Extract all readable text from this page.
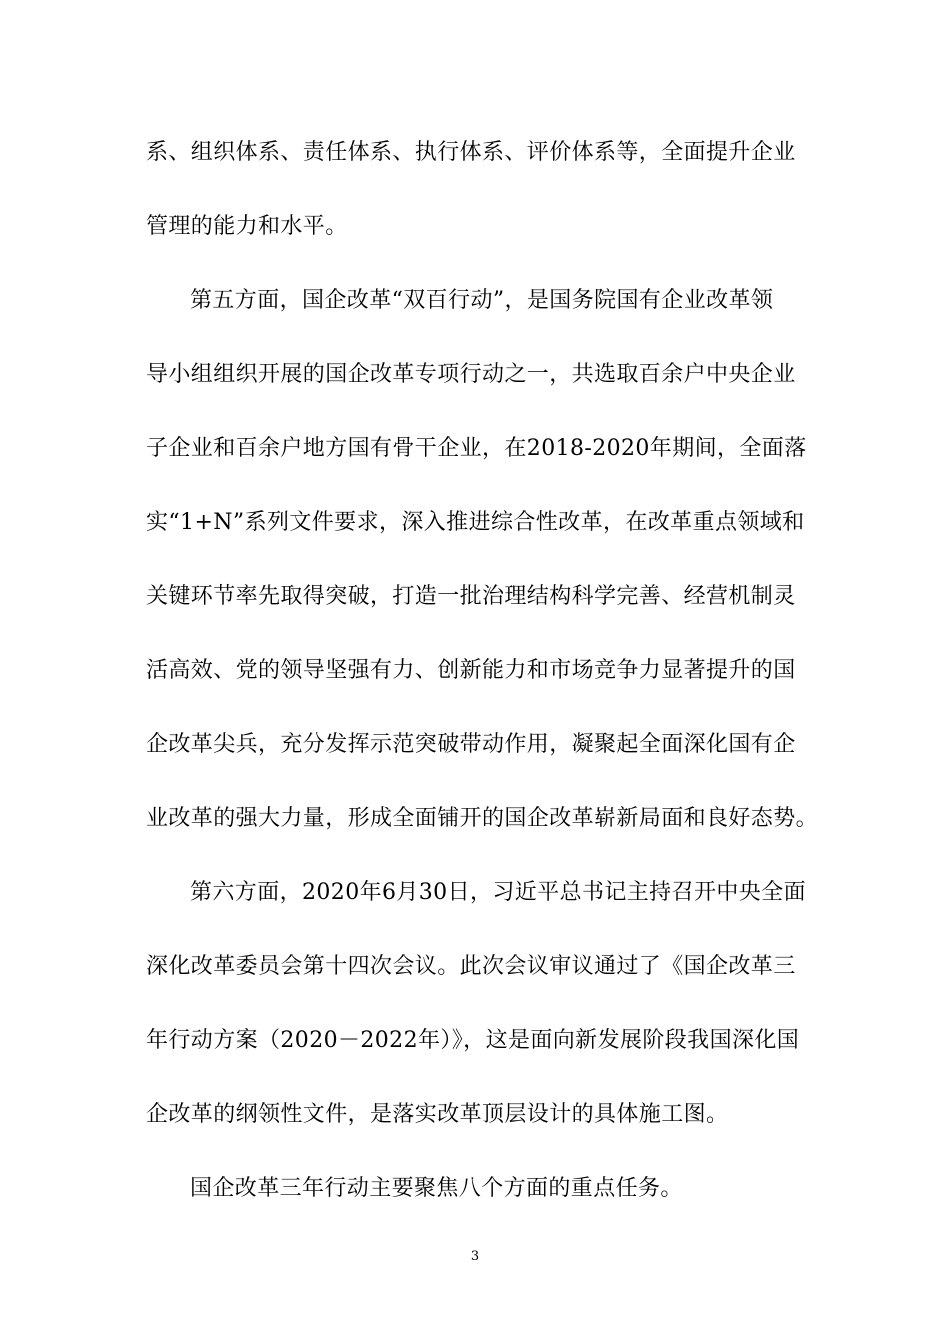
系、组织体系、责任体系、执行体系、评价体系等，全面提升企业
管理的能力和水平。
第五方面，国企改革“双百行动”，是国务院国有企业改革领
导小组组织开展的国企改革专项行动之一，共选取百余户中央企业
子企业和百余户地方国有骨干企业，在2018-2020年期间，全面落
实“1+N”系列文件要求，深入推进综合性改革，在改革重点领域和
关键环节率先取得突破，打造一批治理结构科学完善、经营机制灵
活高效、党的领导坚强有力、创新能力和市场竞争力显著提升的国
企改革尖兵，充分发挥示范突破带动作用，凝聚起全面深化国有企
业改革的强大力量，形成全面铺开的国企改革崭新局面和良好态势。
第六方面，2020年6月30日，习近平总书记主持召开中央全面
深化改革委员会第十四次会议。此次会议审议通过了《国企改革三
年行动方案（2020－2022年）》，这是面向新发展阶段我国深化国
企改革的纲领性文件，是落实改革顶层设计的具体施工图。
国企改革三年行动主要聚焦八个方面的重点任务。
3
